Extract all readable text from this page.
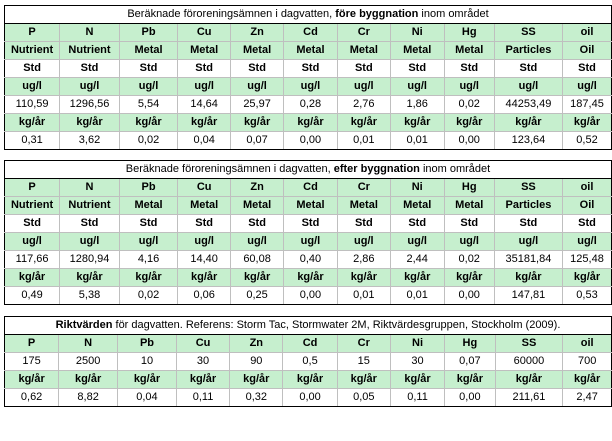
Beräknade föroreningsämnen i dagvatten, före byggnation inom området										
P	N	Pb	Cu	Zn	Cd	Cr	Ni	Hg	SS	oil
Nutrient	Nutrient	Metal	Metal	Metal	Metal	Metal	Metal	Metal	Particles	Oil
Std	Std	Std	Std	Std	Std	Std	Std	Std	Std	Std
ug/l	ug/l	ug/l	ug/l	ug/l	ug/l	ug/l	ug/l	ug/l	ug/l	ug/l
110,59	1296,56	5,54	14,64	25,97	0,28	2,76	1,86	0,02	44253,49	187,45
kg/år	kg/år	kg/år	kg/år	kg/år	kg/år	kg/år	kg/år	kg/år	kg/år	kg/år
0,31	3,62	0,02	0,04	0,07	0,00	0,01	0,01	0,00	123,64	0,52
Beräknade föroreningsämnen i dagvatten, efter byggnation inom området										
P	N	Pb	Cu	Zn	Cd	Cr	Ni	Hg	SS	oil
Nutrient	Nutrient	Metal	Metal	Metal	Metal	Metal	Metal	Metal	Particles	Oil
Std	Std	Std	Std	Std	Std	Std	Std	Std	Std	Std
ug/l	ug/l	ug/l	ug/l	ug/l	ug/l	ug/l	ug/l	ug/l	ug/l	ug/l
117,66	1280,94	4,16	14,40	60,08	0,40	2,86	2,44	0,02	35181,84	125,48
kg/år	kg/år	kg/år	kg/år	kg/år	kg/år	kg/år	kg/år	kg/år	kg/år	kg/år
0,49	5,38	0,02	0,06	0,25	0,00	0,01	0,01	0,00	147,81	0,53
Riktvärden för dagvatten. Referens: Storm Tac, Stormwater 2M, Riktvärdesgruppen, Stockholm (2009).										
P	N	Pb	Cu	Zn	Cd	Cr	Ni	Hg	SS	oil
175	2500	10	30	90	0,5	15	30	0,07	60000	700
kg/år	kg/år	kg/år	kg/år	kg/år	kg/år	kg/år	kg/år	kg/år	kg/år	kg/år
0,62	8,82	0,04	0,11	0,32	0,00	0,05	0,11	0,00	211,61	2,47
